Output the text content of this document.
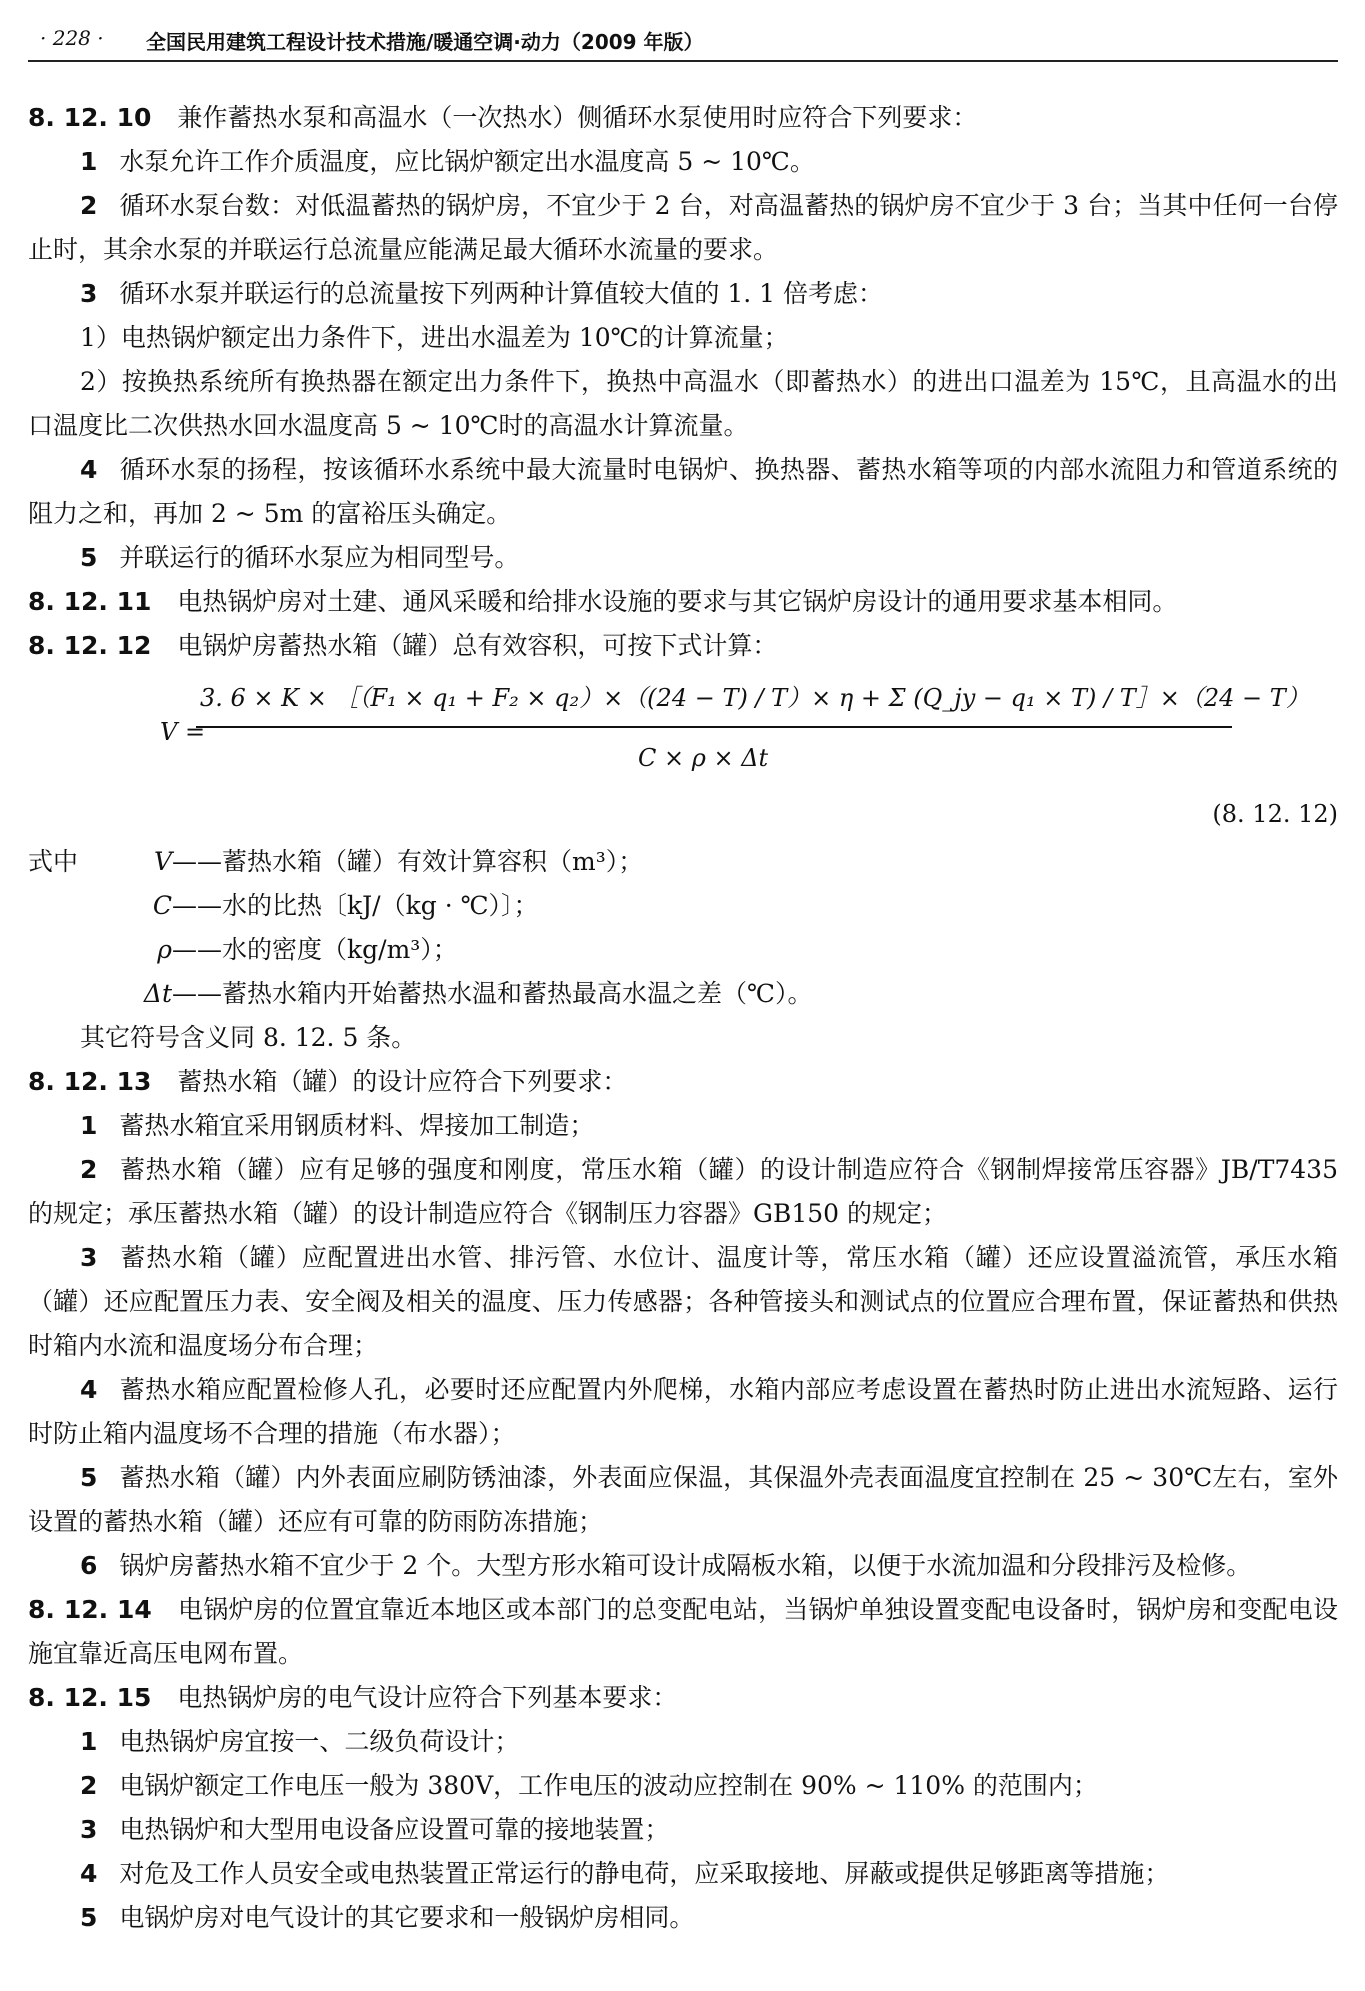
· 228 · 全国民用建筑工程设计技术措施/暖通空调·动力（2009 年版）

8. 12. 10 兼作蓄热水泵和高温水（一次热水）侧循环水泵使用时应符合下列要求：

1 水泵允许工作介质温度，应比锅炉额定出水温度高 5 ~ 10℃。

2 循环水泵台数：对低温蓄热的锅炉房，不宜少于 2 台，对高温蓄热的锅炉房不宜少于 3 台；当其中任何一台停止时，其余水泵的并联运行总流量应能满足最大循环水流量的要求。

3 循环水泵并联运行的总流量按下列两种计算值较大值的 1. 1 倍考虑：

1）电热锅炉额定出力条件下，进出水温差为 10℃的计算流量；

2）按换热系统所有换热器在额定出力条件下，换热中高温水（即蓄热水）的进出口温差为 15℃，且高温水的出口温度比二次供热水回水温度高 5 ~ 10℃时的高温水计算流量。

4 循环水泵的扬程，按该循环水系统中最大流量时电锅炉、换热器、蓄热水箱等项的内部水流阻力和管道系统的阻力之和，再加 2 ~ 5m 的富裕压头确定。

5 并联运行的循环水泵应为相同型号。

8. 12. 11 电热锅炉房对土建、通风采暖和给排水设施的要求与其它锅炉房设计的通用要求基本相同。

8. 12. 12 电锅炉房蓄热水箱（罐）总有效容积，可按下式计算：

V =
3. 6 × K × ［（F₁ × q₁ + F₂ × q₂）×（(24 − T) / T）× η + Σ (Q_jy − q₁ × T) / T］×（24 − T）
C × ρ × Δt
(8. 12. 12)
式中	V——蓄热水箱（罐）有效计算容积（m³）；
C——水的比热〔kJ/（kg · ℃）〕；
ρ——水的密度（kg/m³）；
Δt——蓄热水箱内开始蓄热水温和蓄热最高水温之差（℃）。

其它符号含义同 8. 12. 5 条。

8. 12. 13 蓄热水箱（罐）的设计应符合下列要求：

1 蓄热水箱宜采用钢质材料、焊接加工制造；

2 蓄热水箱（罐）应有足够的强度和刚度，常压水箱（罐）的设计制造应符合《钢制焊接常压容器》JB/T7435 的规定；承压蓄热水箱（罐）的设计制造应符合《钢制压力容器》GB150 的规定；

3 蓄热水箱（罐）应配置进出水管、排污管、水位计、温度计等，常压水箱（罐）还应设置溢流管，承压水箱（罐）还应配置压力表、安全阀及相关的温度、压力传感器；各种管接头和测试点的位置应合理布置，保证蓄热和供热时箱内水流和温度场分布合理；

4 蓄热水箱应配置检修人孔，必要时还应配置内外爬梯，水箱内部应考虑设置在蓄热时防止进出水流短路、运行时防止箱内温度场不合理的措施（布水器）；

5 蓄热水箱（罐）内外表面应刷防锈油漆，外表面应保温，其保温外壳表面温度宜控制在 25 ~ 30℃左右，室外设置的蓄热水箱（罐）还应有可靠的防雨防冻措施；

6 锅炉房蓄热水箱不宜少于 2 个。大型方形水箱可设计成隔板水箱，以便于水流加温和分段排污及检修。

8. 12. 14 电锅炉房的位置宜靠近本地区或本部门的总变配电站，当锅炉单独设置变配电设备时，锅炉房和变配电设施宜靠近高压电网布置。

8. 12. 15 电热锅炉房的电气设计应符合下列基本要求：

1 电热锅炉房宜按一、二级负荷设计；

2 电锅炉额定工作电压一般为 380V，工作电压的波动应控制在 90% ~ 110% 的范围内；

3 电热锅炉和大型用电设备应设置可靠的接地装置；

4 对危及工作人员安全或电热装置正常运行的静电荷，应采取接地、屏蔽或提供足够距离等措施；

5 电锅炉房对电气设计的其它要求和一般锅炉房相同。
